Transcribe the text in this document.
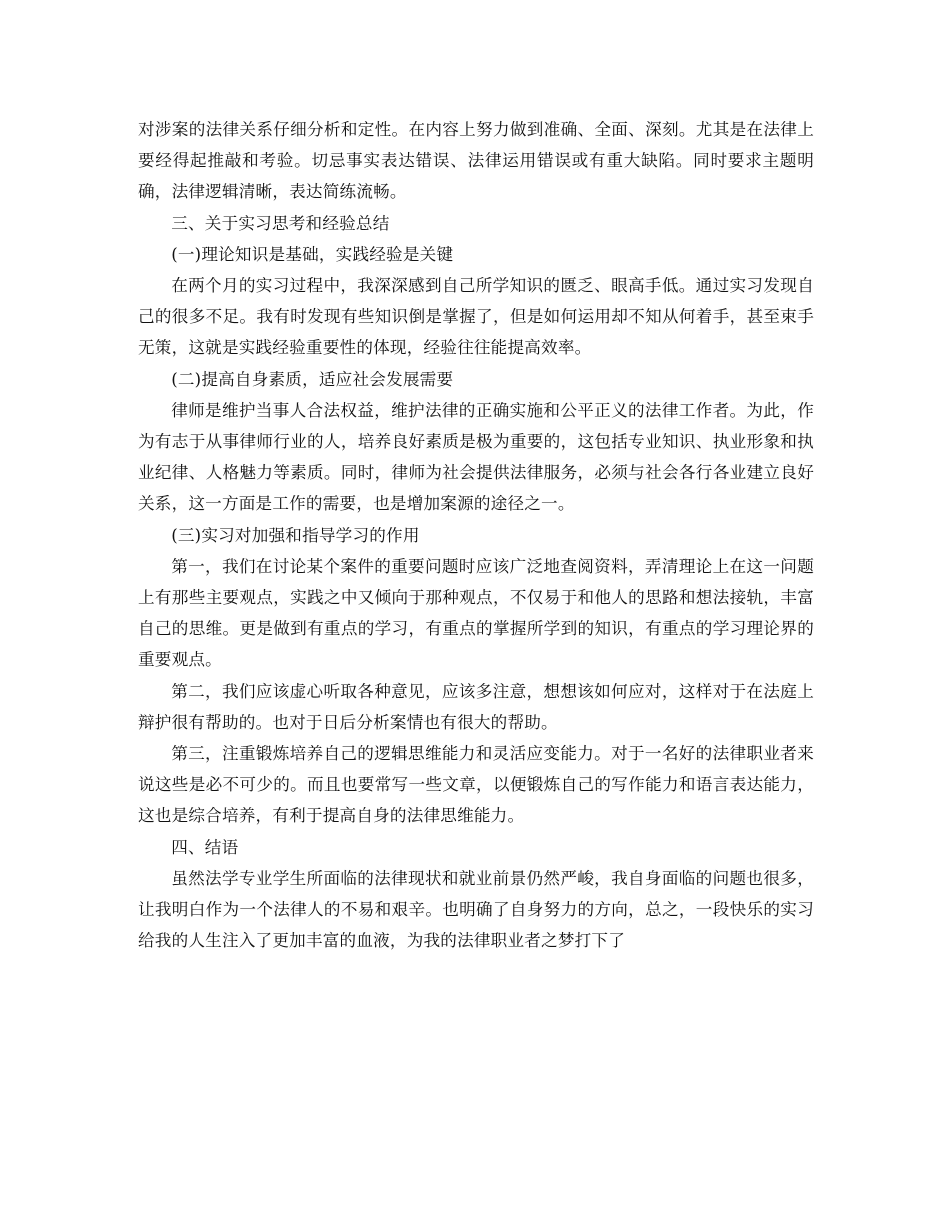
对涉案的法律关系仔细分析和定性。在内容上努力做到准确、全面、深刻。尤其是在法律上要经得起推敲和考验。切忌事实表达错误、法律运用错误或有重大缺陷。同时要求主题明确，法律逻辑清晰，表达简练流畅。

三、关于实习思考和经验总结

(一)理论知识是基础，实践经验是关键

在两个月的实习过程中，我深深感到自己所学知识的匮乏、眼高手低。通过实习发现自己的很多不足。我有时发现有些知识倒是掌握了，但是如何运用却不知从何着手，甚至束手无策，这就是实践经验重要性的体现，经验往往能提高效率。

(二)提高自身素质，适应社会发展需要

律师是维护当事人合法权益，维护法律的正确实施和公平正义的法律工作者。为此，作为有志于从事律师行业的人，培养良好素质是极为重要的，这包括专业知识、执业形象和执业纪律、人格魅力等素质。同时，律师为社会提供法律服务，必须与社会各行各业建立良好关系，这一方面是工作的需要，也是增加案源的途径之一。

(三)实习对加强和指导学习的作用

第一，我们在讨论某个案件的重要问题时应该广泛地查阅资料，弄清理论上在这一问题上有那些主要观点，实践之中又倾向于那种观点，不仅易于和他人的思路和想法接轨，丰富自己的思维。更是做到有重点的学习，有重点的掌握所学到的知识，有重点的学习理论界的重要观点。

第二，我们应该虚心听取各种意见，应该多注意，想想该如何应对，这样对于在法庭上辩护很有帮助的。也对于日后分析案情也有很大的帮助。

第三，注重锻炼培养自己的逻辑思维能力和灵活应变能力。对于一名好的法律职业者来说这些是必不可少的。而且也要常写一些文章，以便锻炼自己的写作能力和语言表达能力，这也是综合培养，有利于提高自身的法律思维能力。

四、结语

虽然法学专业学生所面临的法律现状和就业前景仍然严峻，我自身面临的问题也很多，让我明白作为一个法律人的不易和艰辛。也明确了自身努力的方向，总之，一段快乐的实习给我的人生注入了更加丰富的血液，为我的法律职业者之梦打下了
